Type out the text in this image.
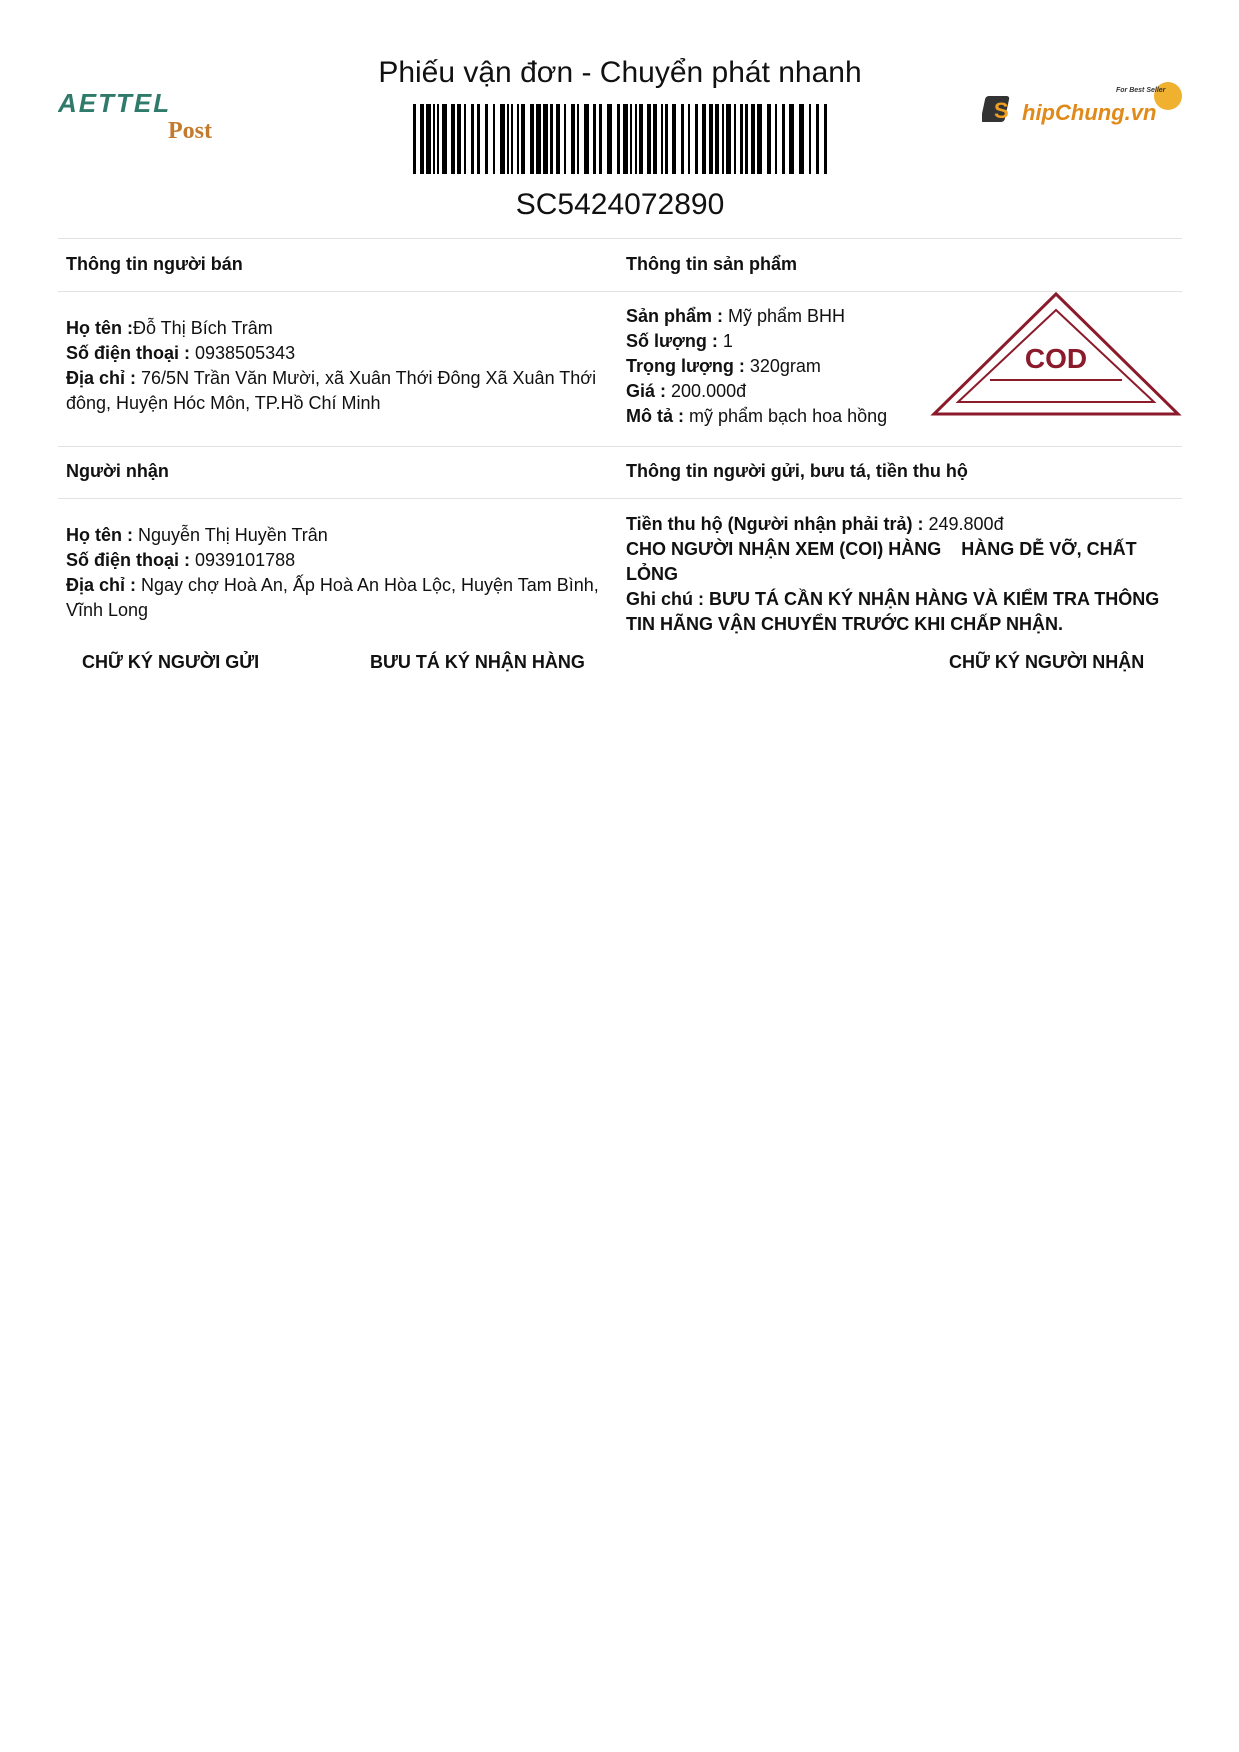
AETTEL
Post
Phiếu vận đơn - Chuyển phát nhanh
SC5424072890
S hipChung.vn
For Best Seller
Thông tin người bán	Thông tin sản phẩm
Họ tên :Đỗ Thị Bích Trâm
Số điện thoại : 0938505343
Địa chỉ : 76/5N Trần Văn Mười, xã Xuân Thới Đông Xã Xuân Thới đông, Huyện Hóc Môn, TP.Hồ Chí Minh
Sản phẩm : Mỹ phẩm BHH
Số lượng : 1
Trọng lượng : 320gram
Giá : 200.000đ
Mô tả : mỹ phẩm bạch hoa hồng
COD
Người nhận	Thông tin người gửi, bưu tá, tiền thu hộ
Họ tên : Nguyễn Thị Huyền Trân
Số điện thoại : 0939101788
Địa chỉ : Ngay chợ Hoà An, Ấp Hoà An Hòa Lộc, Huyện Tam Bình, Vĩnh Long
Tiền thu hộ (Người nhận phải trả) : 249.800đ
CHO NGƯỜI NHẬN XEM (COI) HÀNG    HÀNG DỄ VỠ, CHẤT LỎNG
Ghi chú : BƯU TÁ CẦN KÝ NHẬN HÀNG VÀ KIỂM TRA THÔNG TIN HÃNG VẬN CHUYỂN TRƯỚC KHI CHẤP NHẬN.
CHỮ KÝ NGƯỜI GỬI	BƯU TÁ KÝ NHẬN HÀNG	CHỮ KÝ NGƯỜI NHẬN
